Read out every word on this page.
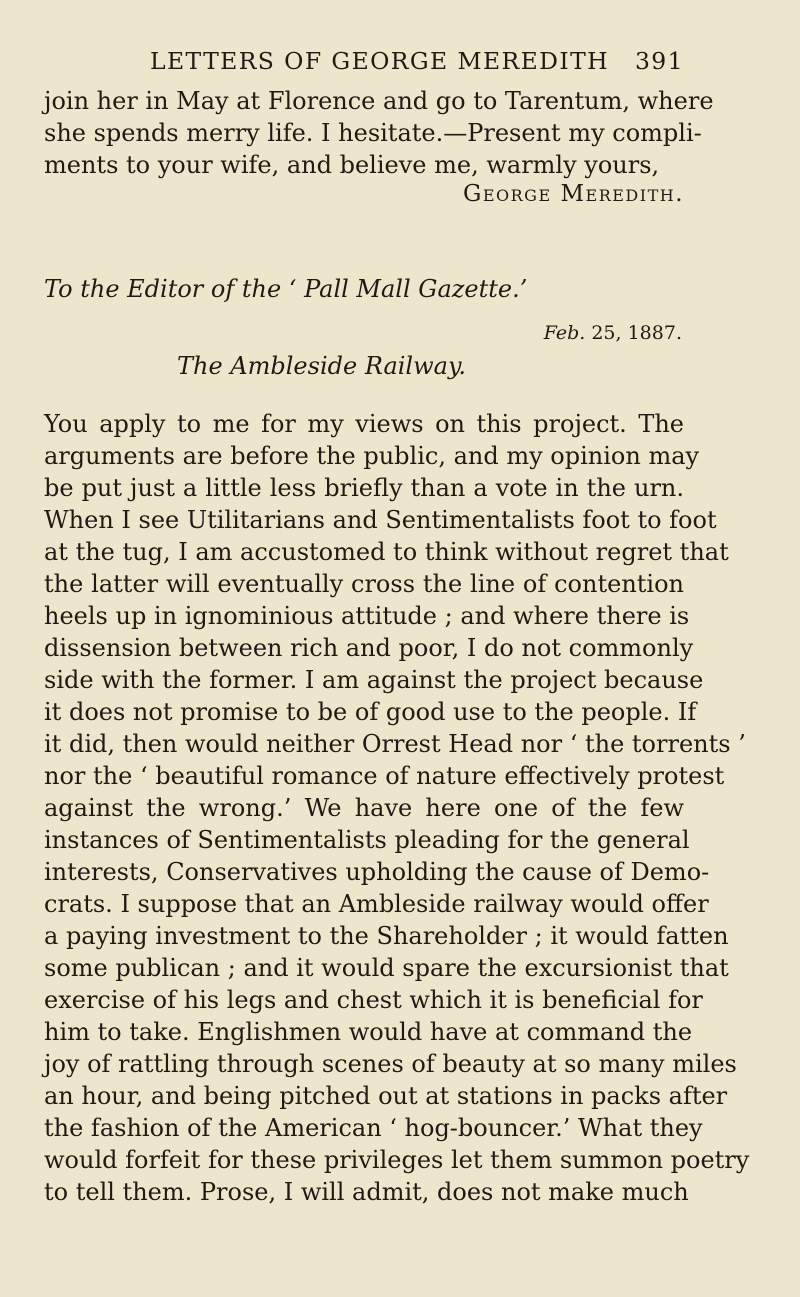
LETTERS OF GEORGE MEREDITH 391
join her in May at Florence and go to Tarentum, where
she spends merry life. I hesitate.—Present my compli-
ments to your wife, and believe me, warmly yours,
George Meredith.
To the Editor of the ‘ Pall Mall Gazette.’
Feb. 25, 1887.
The Ambleside Railway.
You apply to me for my views on this project. The
arguments are before the public, and my opinion may
be put just a little less briefly than a vote in the urn.
When I see Utilitarians and Sentimentalists foot to foot
at the tug, I am accustomed to think without regret that
the latter will eventually cross the line of contention
heels up in ignominious attitude ; and where there is
dissension between rich and poor, I do not commonly
side with the former. I am against the project because
it does not promise to be of good use to the people. If
it did, then would neither Orrest Head nor ‘ the torrents ’
nor the ‘ beautiful romance of nature effectively protest
against the wrong.’ We have here one of the few
instances of Sentimentalists pleading for the general
interests, Conservatives upholding the cause of Demo-
crats. I suppose that an Ambleside railway would offer
a paying investment to the Shareholder ; it would fatten
some publican ; and it would spare the excursionist that
exercise of his legs and chest which it is beneficial for
him to take. Englishmen would have at command the
joy of rattling through scenes of beauty at so many miles
an hour, and being pitched out at stations in packs after
the fashion of the American ‘ hog-bouncer.’ What they
would forfeit for these privileges let them summon poetry
to tell them. Prose, I will admit, does not make much
